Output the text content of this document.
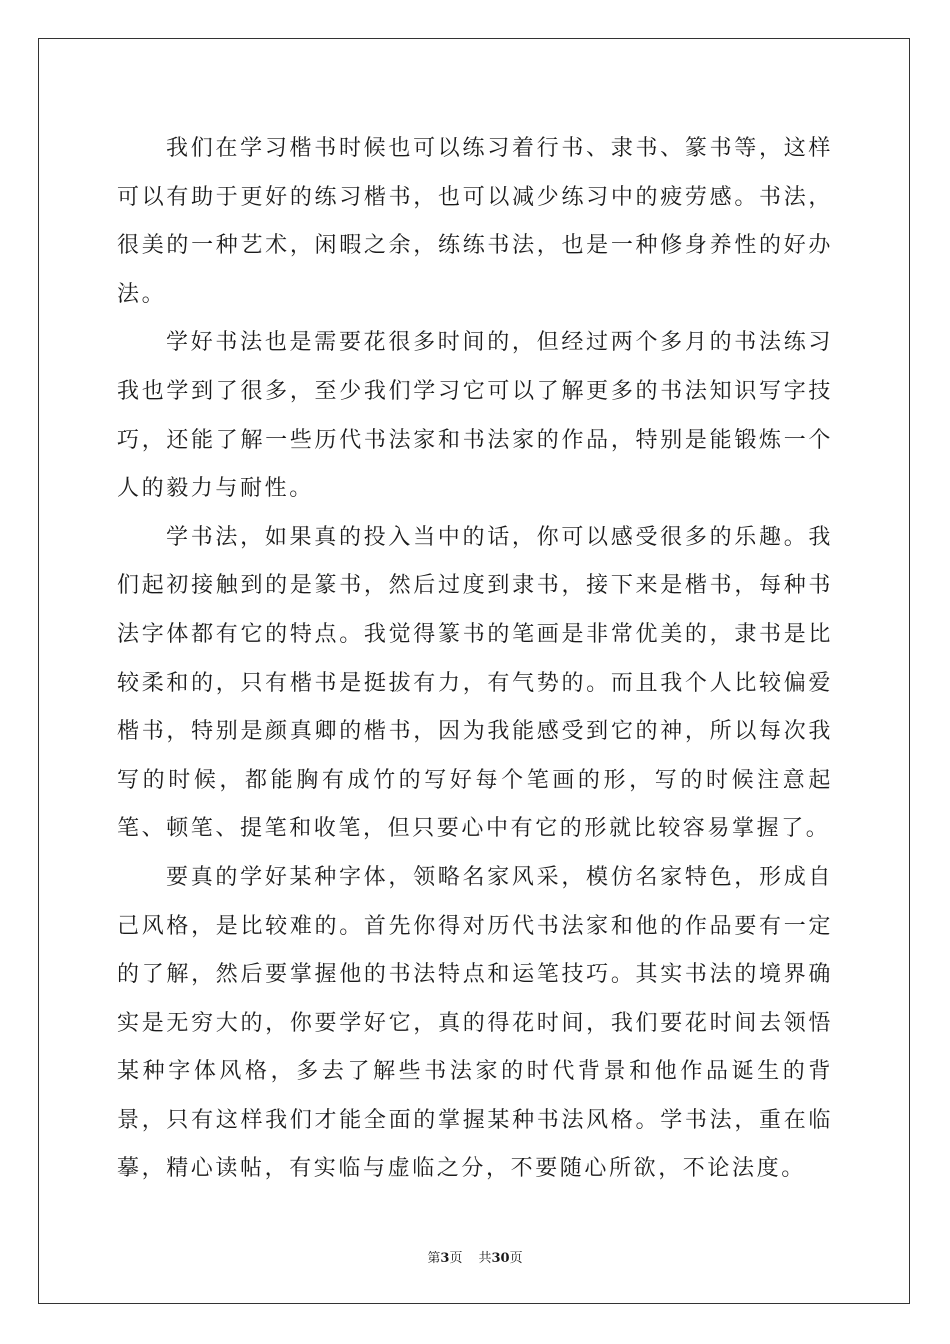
我们在学习楷书时候也可以练习着行书、隶书、篆书等，这样可以有助于更好的练习楷书，也可以减少练习中的疲劳感。书法，很美的一种艺术，闲暇之余，练练书法，也是一种修身养性的好办法。

学好书法也是需要花很多时间的，但经过两个多月的书法练习我也学到了很多，至少我们学习它可以了解更多的书法知识写字技巧，还能了解一些历代书法家和书法家的作品，特别是能锻炼一个人的毅力与耐性。

学书法，如果真的投入当中的话，你可以感受很多的乐趣。我们起初接触到的是篆书，然后过度到隶书，接下来是楷书，每种书法字体都有它的特点。我觉得篆书的笔画是非常优美的，隶书是比较柔和的，只有楷书是挺拔有力，有气势的。而且我个人比较偏爱楷书，特别是颜真卿的楷书，因为我能感受到它的神，所以每次我写的时候，都能胸有成竹的写好每个笔画的形，写的时候注意起笔、顿笔、提笔和收笔，但只要心中有它的形就比较容易掌握了。

要真的学好某种字体，领略名家风采，模仿名家特色，形成自己风格，是比较难的。首先你得对历代书法家和他的作品要有一定的了解，然后要掌握他的书法特点和运笔技巧。其实书法的境界确实是无穷大的，你要学好它，真的得花时间，我们要花时间去领悟某种字体风格，多去了解些书法家的时代背景和他作品诞生的背景，只有这样我们才能全面的掌握某种书法风格。学书法，重在临摹，精心读帖，有实临与虚临之分，不要随心所欲，不论法度。

第3页 共30页
